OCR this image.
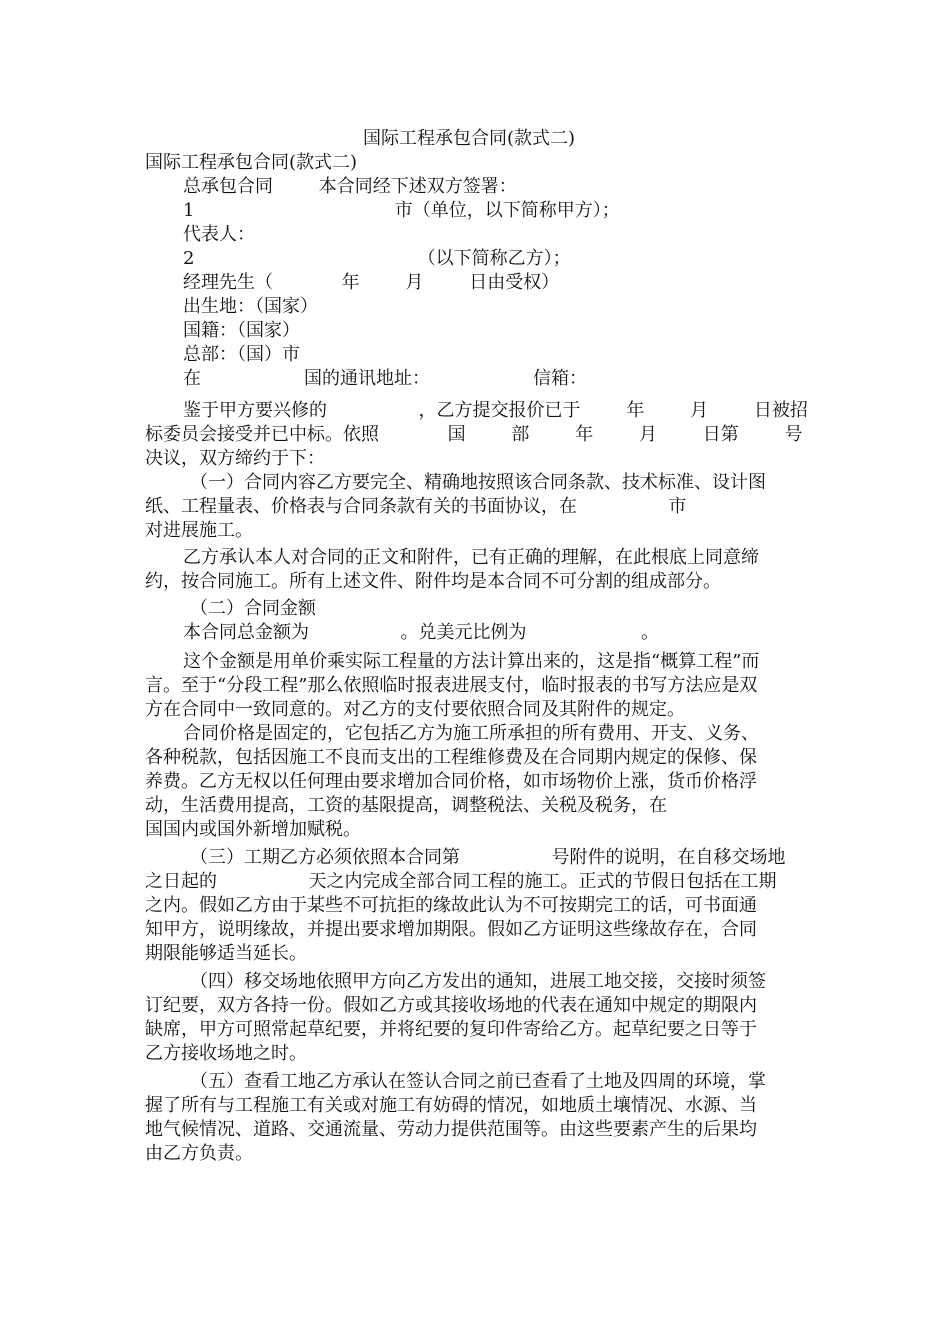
国际工程承包合同(款式二)
国际工程承包合同(款式二)
总承包合同        本合同经下述双方签署：
1                                   市（单位，以下简称甲方）；
代表人：
2                                       （以下简称乙方）；
经理先生（            年        月        日由受权）
出生地：（国家）
国籍：（国家）
总部：（国）市
在                  国的通讯地址：                  信箱：
鉴于甲方要兴修的                ，乙方提交报价已于        年        月        日被招
标委员会接受并已中标。依照            国        部        年        月        日第        号
决议，双方缔约于下：
（一）合同内容乙方要完全、精确地按照该合同条款、技术标准、设计图
纸、工程量表、价格表与合同条款有关的书面协议，在                市
对进展施工。
乙方承认本人对合同的正文和附件，已有正确的理解，在此根底上同意缔
约，按合同施工。所有上述文件、附件均是本合同不可分割的组成部分。
（二）合同金额
本合同总金额为                。兑美元比例为                    。
这个金额是用单价乘实际工程量的方法计算出来的，这是指“概算工程”而
言。至于“分段工程”那么依照临时报表进展支付，临时报表的书写方法应是双
方在合同中一致同意的。对乙方的支付要依照合同及其附件的规定。
合同价格是固定的，它包括乙方为施工所承担的所有费用、开支、义务、
各种税款，包括因施工不良而支出的工程维修费及在合同期内规定的保修、保
养费。乙方无权以任何理由要求增加合同价格，如市场物价上涨，货币价格浮
动，生活费用提高，工资的基限提高，调整税法、关税及税务，在
国国内或国外新增加赋税。
（三）工期乙方必须依照本合同第                号附件的说明，在自移交场地
之日起的                天之内完成全部合同工程的施工。正式的节假日包括在工期
之内。假如乙方由于某些不可抗拒的缘故此认为不可按期完工的话，可书面通
知甲方，说明缘故，并提出要求增加期限。假如乙方证明这些缘故存在，合同
期限能够适当延长。
（四）移交场地依照甲方向乙方发出的通知，进展工地交接，交接时须签
订纪要，双方各持一份。假如乙方或其接收场地的代表在通知中规定的期限内
缺席，甲方可照常起草纪要，并将纪要的复印件寄给乙方。起草纪要之日等于
乙方接收场地之时。
（五）查看工地乙方承认在签认合同之前已查看了土地及四周的环境，掌
握了所有与工程施工有关或对施工有妨碍的情况，如地质土壤情况、水源、当
地气候情况、道路、交通流量、劳动力提供范围等。由这些要素产生的后果均
由乙方负责。
